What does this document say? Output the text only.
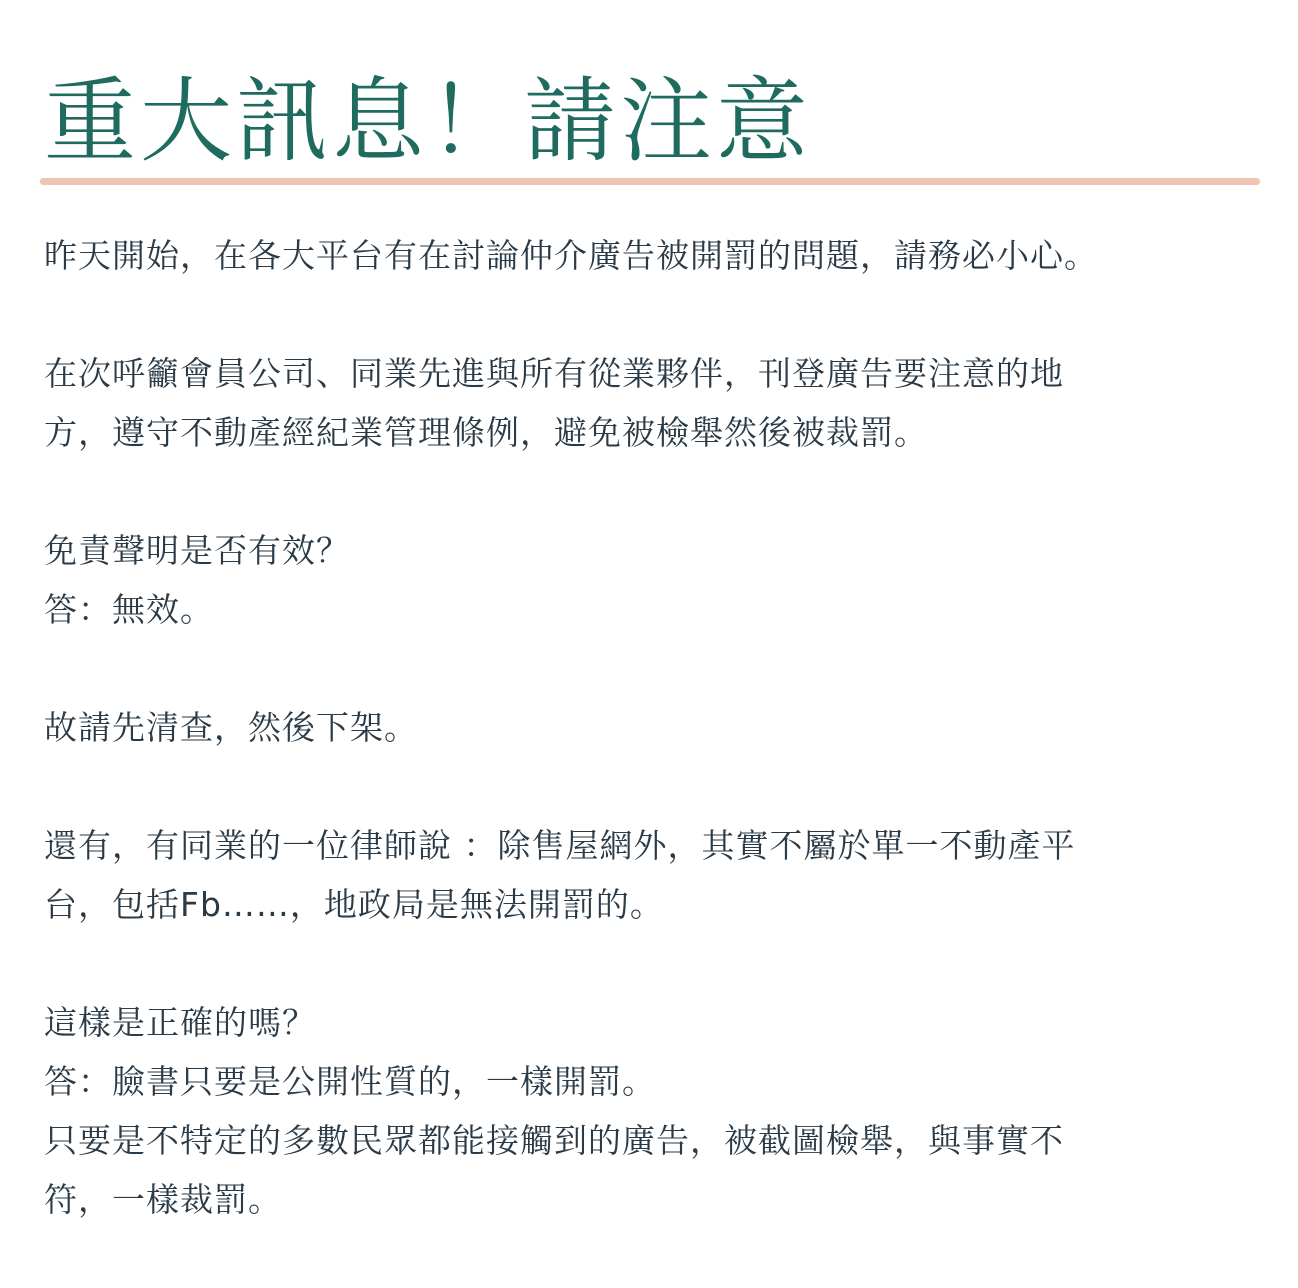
重大訊息！請注意

昨天開始，在各大平台有在討論仲介廣告被開罰的問題，請務必小心。

在次呼籲會員公司、同業先進與所有從業夥伴，刊登廣告要注意的地
方，遵守不動產經紀業管理條例，避免被檢舉然後被裁罰。

免責聲明是否有效？
答：無效。

故請先清查，然後下架。

還有，有同業的一位律師說 ：除售屋網外，其實不屬於單一不動產平
台，包括Fb……，地政局是無法開罰的。

這樣是正確的嗎？
答：臉書只要是公開性質的，一樣開罰。
只要是不特定的多數民眾都能接觸到的廣告，被截圖檢舉，與事實不
符，一樣裁罰。
